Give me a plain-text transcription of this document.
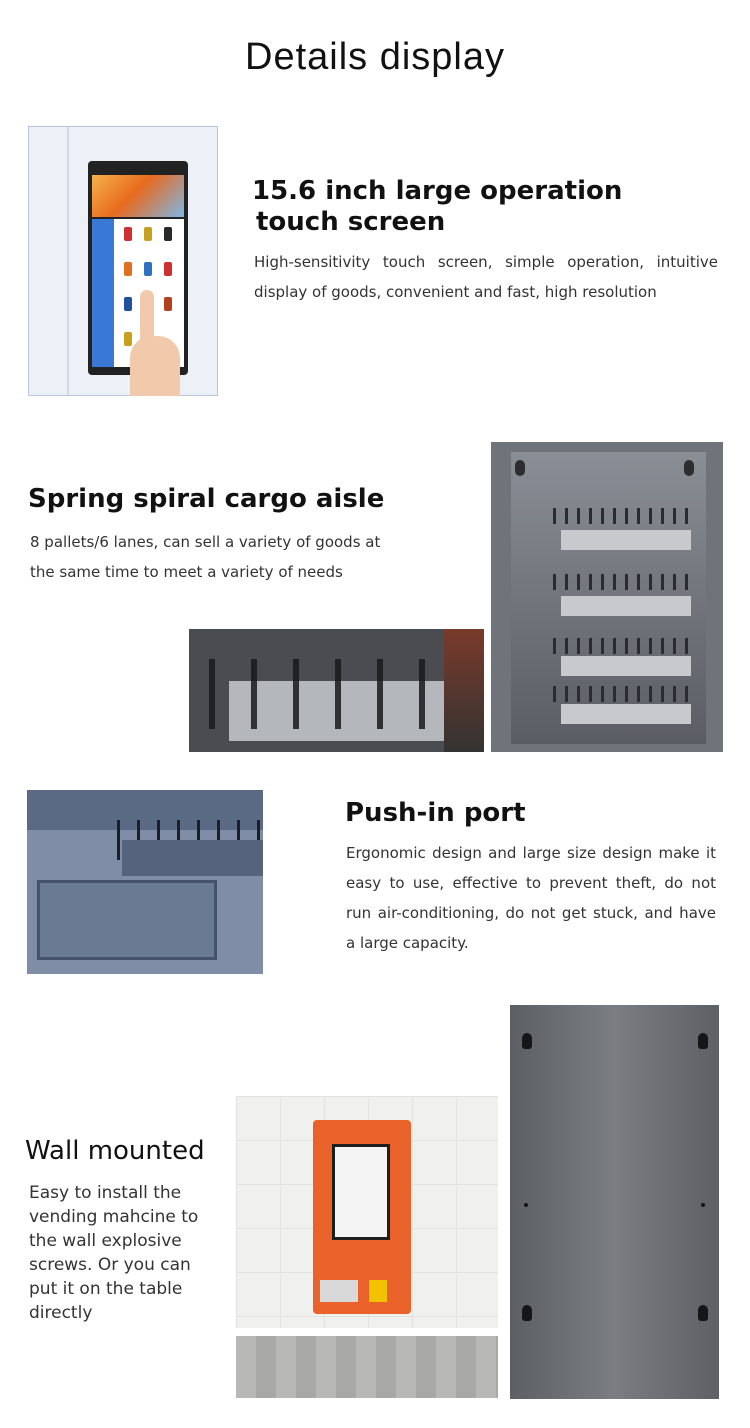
Details display
15.6 inch large operation
touch screen
High-sensitivity touch screen, simple operation, intuitive display of goods, convenient and fast, high resolution
Spring spiral cargo aisle
8 pallets/6 lanes, can sell a variety of goods at
the same time to meet a variety of needs
Push-in port
Ergonomic design and large size design make it easy to use, effective to prevent theft, do not run air-conditioning, do not get stuck, and have a large capacity.
Wall mounted
Easy to install the
vending mahcine to
the wall explosive
screws. Or you can
put it on the table
directly
